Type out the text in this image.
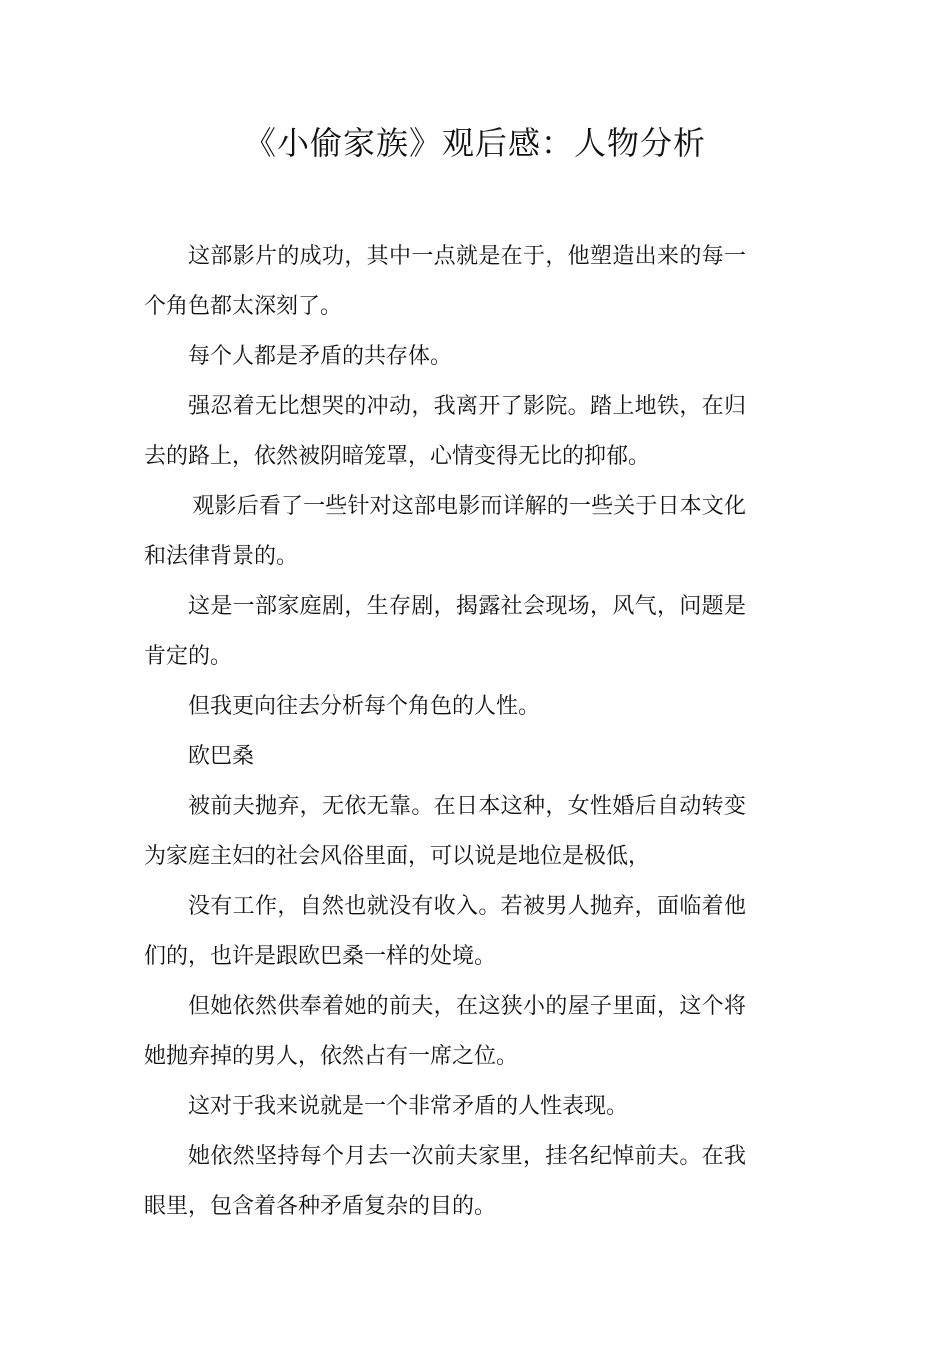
《小偷家族》观后感：人物分析

这部影片的成功，其中一点就是在于，他塑造出来的每一个角色都太深刻了。

每个人都是矛盾的共存体。

强忍着无比想哭的冲动，我离开了影院。踏上地铁，在归去的路上，依然被阴暗笼罩，心情变得无比的抑郁。

观影后看了一些针对这部电影而详解的一些关于日本文化和法律背景的。

这是一部家庭剧，生存剧，揭露社会现场，风气，问题是肯定的。

但我更向往去分析每个角色的人性。

欧巴桑

被前夫抛弃，无依无靠。在日本这种，女性婚后自动转变为家庭主妇的社会风俗里面，可以说是地位是极低，

没有工作，自然也就没有收入。若被男人抛弃，面临着他们的，也许是跟欧巴桑一样的处境。

但她依然供奉着她的前夫，在这狭小的屋子里面，这个将她抛弃掉的男人，依然占有一席之位。

这对于我来说就是一个非常矛盾的人性表现。

她依然坚持每个月去一次前夫家里，挂名纪悼前夫。在我眼里，包含着各种矛盾复杂的目的。
